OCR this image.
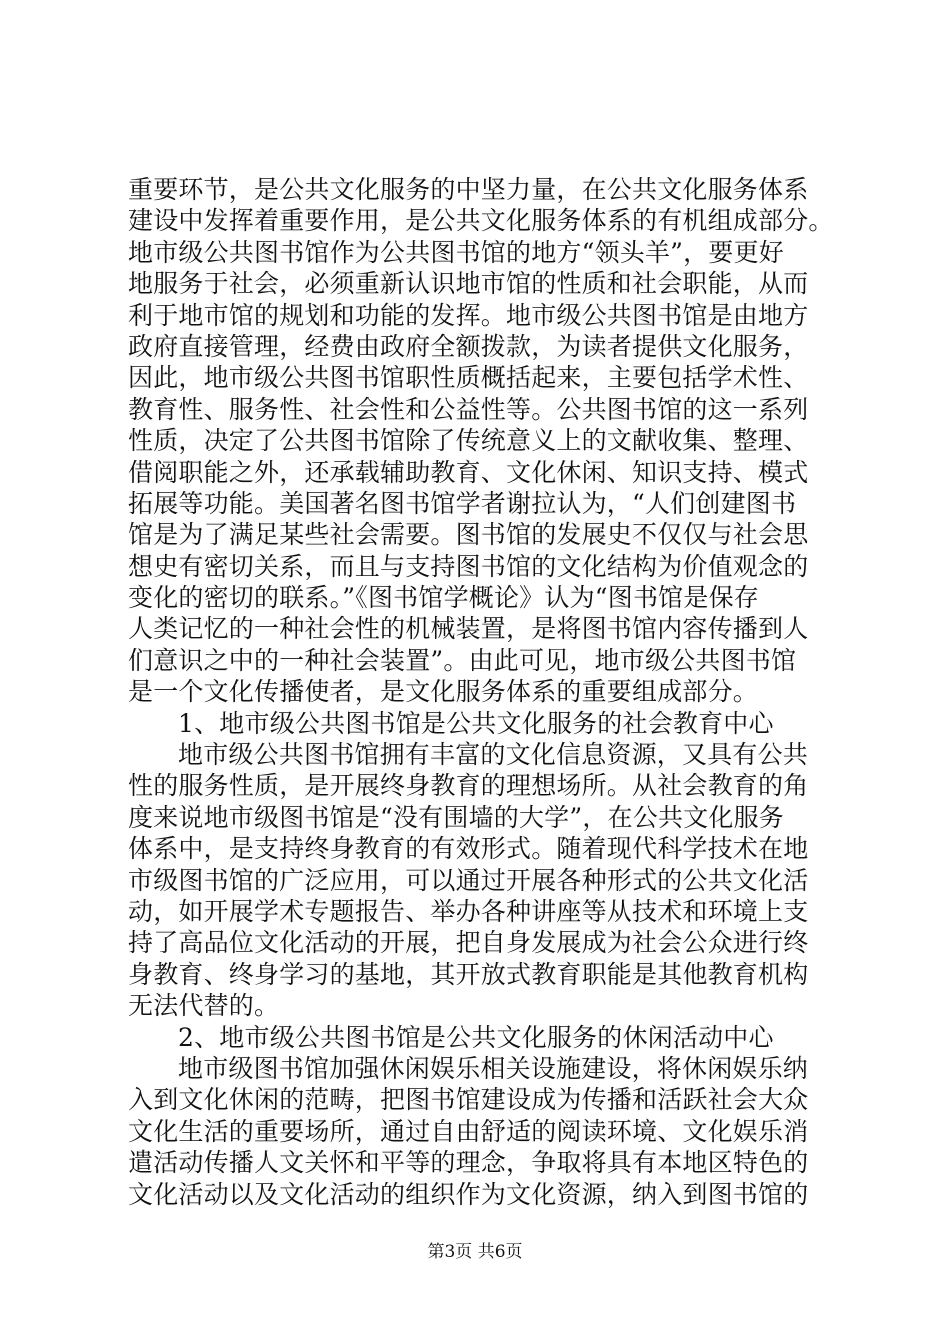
重要环节，是公共文化服务的中坚力量，在公共文化服务体系
建设中发挥着重要作用，是公共文化服务体系的有机组成部分。
地市级公共图书馆作为公共图书馆的地方“领头羊”，要更好
地服务于社会，必须重新认识地市馆的性质和社会职能，从而
利于地市馆的规划和功能的发挥。地市级公共图书馆是由地方
政府直接管理，经费由政府全额拨款，为读者提供文化服务，
因此，地市级公共图书馆职性质概括起来，主要包括学术性、
教育性、服务性、社会性和公益性等。公共图书馆的这一系列
性质，决定了公共图书馆除了传统意义上的文献收集、整理、
借阅职能之外，还承载辅助教育、文化休闲、知识支持、模式
拓展等功能。美国著名图书馆学者谢拉认为，“人们创建图书
馆是为了满足某些社会需要。图书馆的发展史不仅仅与社会思
想史有密切关系，而且与支持图书馆的文化结构为价值观念的
变化的密切的联系。”《图书馆学概论》认为“图书馆是保存
人类记忆的一种社会性的机械装置，是将图书馆内容传播到人
们意识之中的一种社会装置”。由此可见，地市级公共图书馆
是一个文化传播使者，是文化服务体系的重要组成部分。
1、地市级公共图书馆是公共文化服务的社会教育中心
地市级公共图书馆拥有丰富的文化信息资源，又具有公共
性的服务性质，是开展终身教育的理想场所。从社会教育的角
度来说地市级图书馆是“没有围墙的大学”，在公共文化服务
体系中，是支持终身教育的有效形式。随着现代科学技术在地
市级图书馆的广泛应用，可以通过开展各种形式的公共文化活
动，如开展学术专题报告、举办各种讲座等从技术和环境上支
持了高品位文化活动的开展，把自身发展成为社会公众进行终
身教育、终身学习的基地，其开放式教育职能是其他教育机构
无法代替的。
2、地市级公共图书馆是公共文化服务的休闲活动中心
地市级图书馆加强休闲娱乐相关设施建设，将休闲娱乐纳
入到文化休闲的范畴，把图书馆建设成为传播和活跃社会大众
文化生活的重要场所，通过自由舒适的阅读环境、文化娱乐消
遣活动传播人文关怀和平等的理念，争取将具有本地区特色的
文化活动以及文化活动的组织作为文化资源，纳入到图书馆的
第3页 共6页
